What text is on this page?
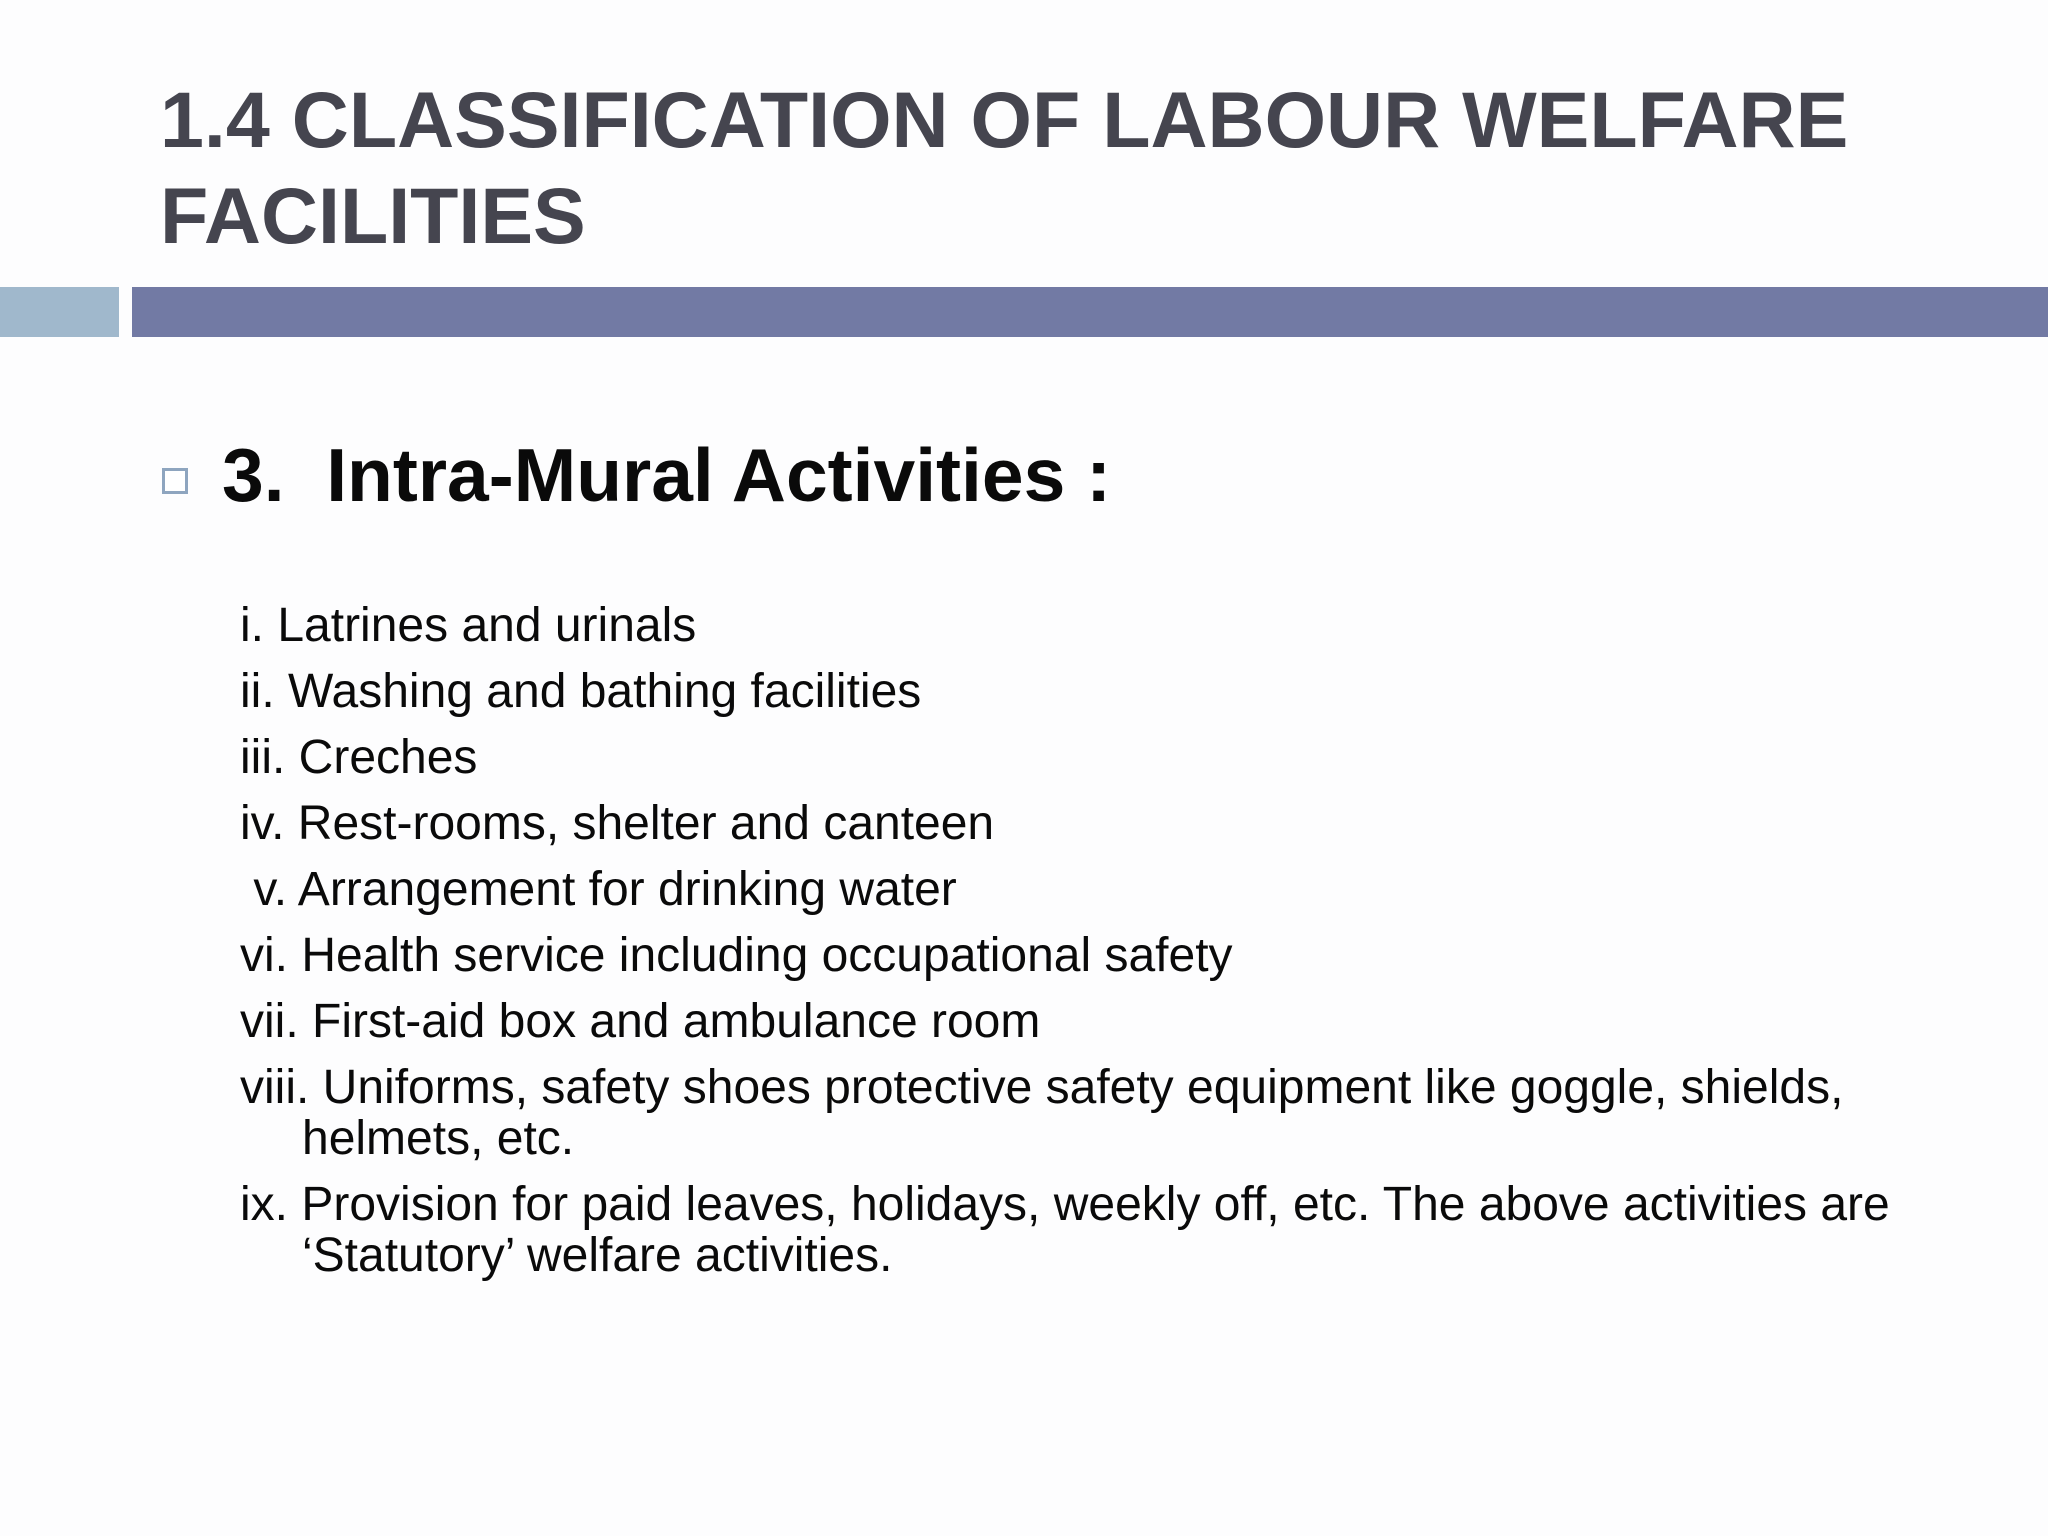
1.4 CLASSIFICATION OF LABOUR WELFARE FACILITIES
3.  Intra-Mural Activities :
i. Latrines and urinals
ii. Washing and bathing facilities
iii. Creches
iv. Rest-rooms, shelter and canteen
v. Arrangement for drinking water
vi. Health service including occupational safety
vii. First-aid box and ambulance room
viii. Uniforms, safety shoes protective safety equipment like goggle, shields, helmets, etc.
ix. Provision for paid leaves, holidays, weekly off, etc. The above activities are ‘Statutory’ welfare activities.
